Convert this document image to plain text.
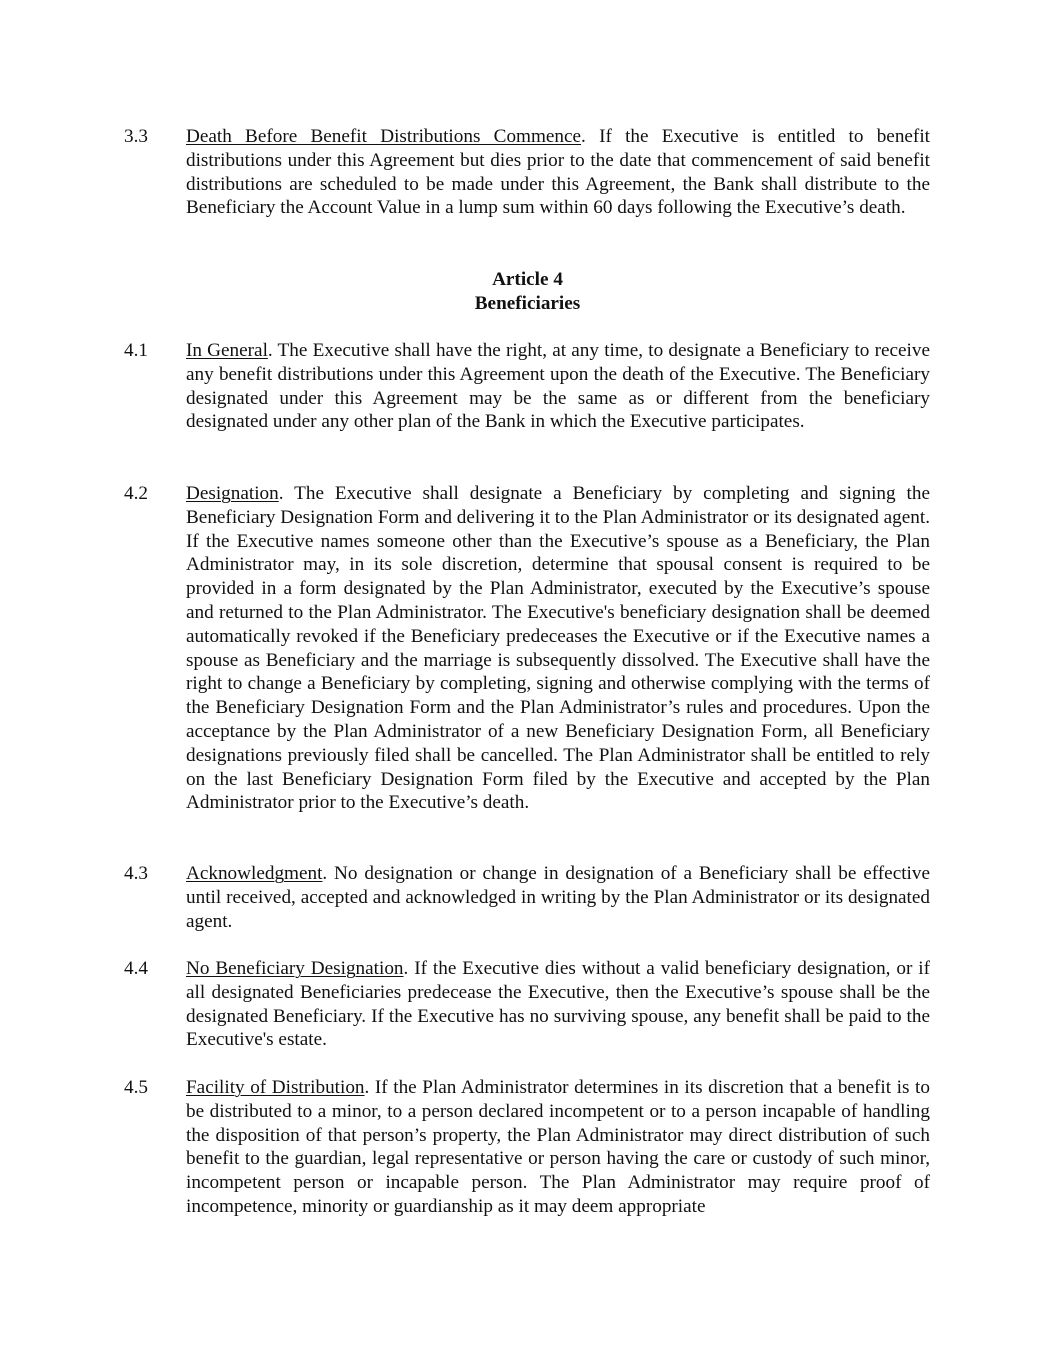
3.3	Death Before Benefit Distributions Commence. If the Executive is entitled to benefit distributions under this Agreement but dies prior to the date that commencement of said benefit distributions are scheduled to be made under this Agreement, the Bank shall distribute to the Beneficiary the Account Value in a lump sum within 60 days following the Executive’s death.
Article 4
Beneficiaries
4.1	In General. The Executive shall have the right, at any time, to designate a Beneficiary to receive any benefit distributions under this Agreement upon the death of the Executive. The Beneficiary designated under this Agreement may be the same as or different from the beneficiary designated under any other plan of the Bank in which the Executive participates.
4.2	Designation. The Executive shall designate a Beneficiary by completing and signing the Beneficiary Designation Form and delivering it to the Plan Administrator or its designated agent. If the Executive names someone other than the Executive’s spouse as a Beneficiary, the Plan Administrator may, in its sole discretion, determine that spousal consent is required to be provided in a form designated by the Plan Administrator, executed by the Executive’s spouse and returned to the Plan Administrator. The Executive's beneficiary designation shall be deemed automatically revoked if the Beneficiary predeceases the Executive or if the Executive names a spouse as Beneficiary and the marriage is subsequently dissolved. The Executive shall have the right to change a Beneficiary by completing, signing and otherwise complying with the terms of the Beneficiary Designation Form and the Plan Administrator’s rules and procedures. Upon the acceptance by the Plan Administrator of a new Beneficiary Designation Form, all Beneficiary designations previously filed shall be cancelled. The Plan Administrator shall be entitled to rely on the last Beneficiary Designation Form filed by the Executive and accepted by the Plan Administrator prior to the Executive’s death.
4.3	Acknowledgment. No designation or change in designation of a Beneficiary shall be effective until received, accepted and acknowledged in writing by the Plan Administrator or its designated agent.
4.4	No Beneficiary Designation. If the Executive dies without a valid beneficiary designation, or if all designated Beneficiaries predecease the Executive, then the Executive’s spouse shall be the designated Beneficiary. If the Executive has no surviving spouse, any benefit shall be paid to the Executive's estate.
4.5	Facility of Distribution. If the Plan Administrator determines in its discretion that a benefit is to be distributed to a minor, to a person declared incompetent or to a person incapable of handling the disposition of that person’s property, the Plan Administrator may direct distribution of such benefit to the guardian, legal representative or person having the care or custody of such minor, incompetent person or incapable person. The Plan Administrator may require proof of incompetence, minority or guardianship as it may deem appropriate
